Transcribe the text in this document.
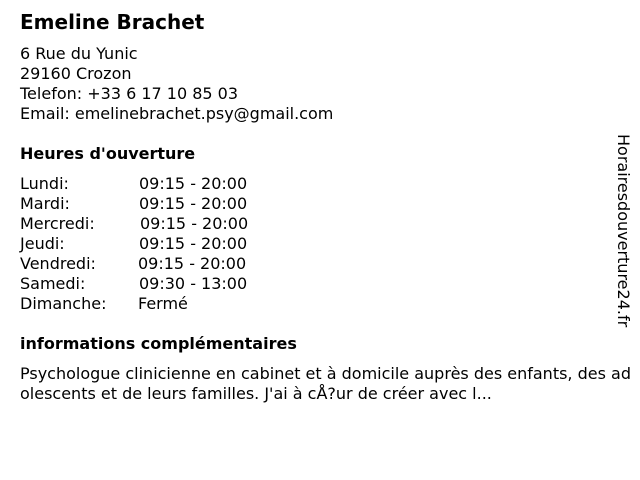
Emeline Brachet
6 Rue du Yunic
29160 Crozon
Telefon: +33 6 17 10 85 03
Email: emelinebrachet.psy@gmail.com
Heures d'ouverture
Lundi:	09:15 - 20:00
Mardi:	09:15 - 20:00
Mercredi:	09:15 - 20:00
Jeudi:	09:15 - 20:00
Vendredi:	09:15 - 20:00
Samedi:	09:30 - 13:00
Dimanche: Fermé
informations complémentaires
Psychologue clinicienne en cabinet et à domicile auprès des enfants, des adolescents et de leurs familles. J'ai à cÅ?ur de créer avec l...
Horairesdouverture24.fr
